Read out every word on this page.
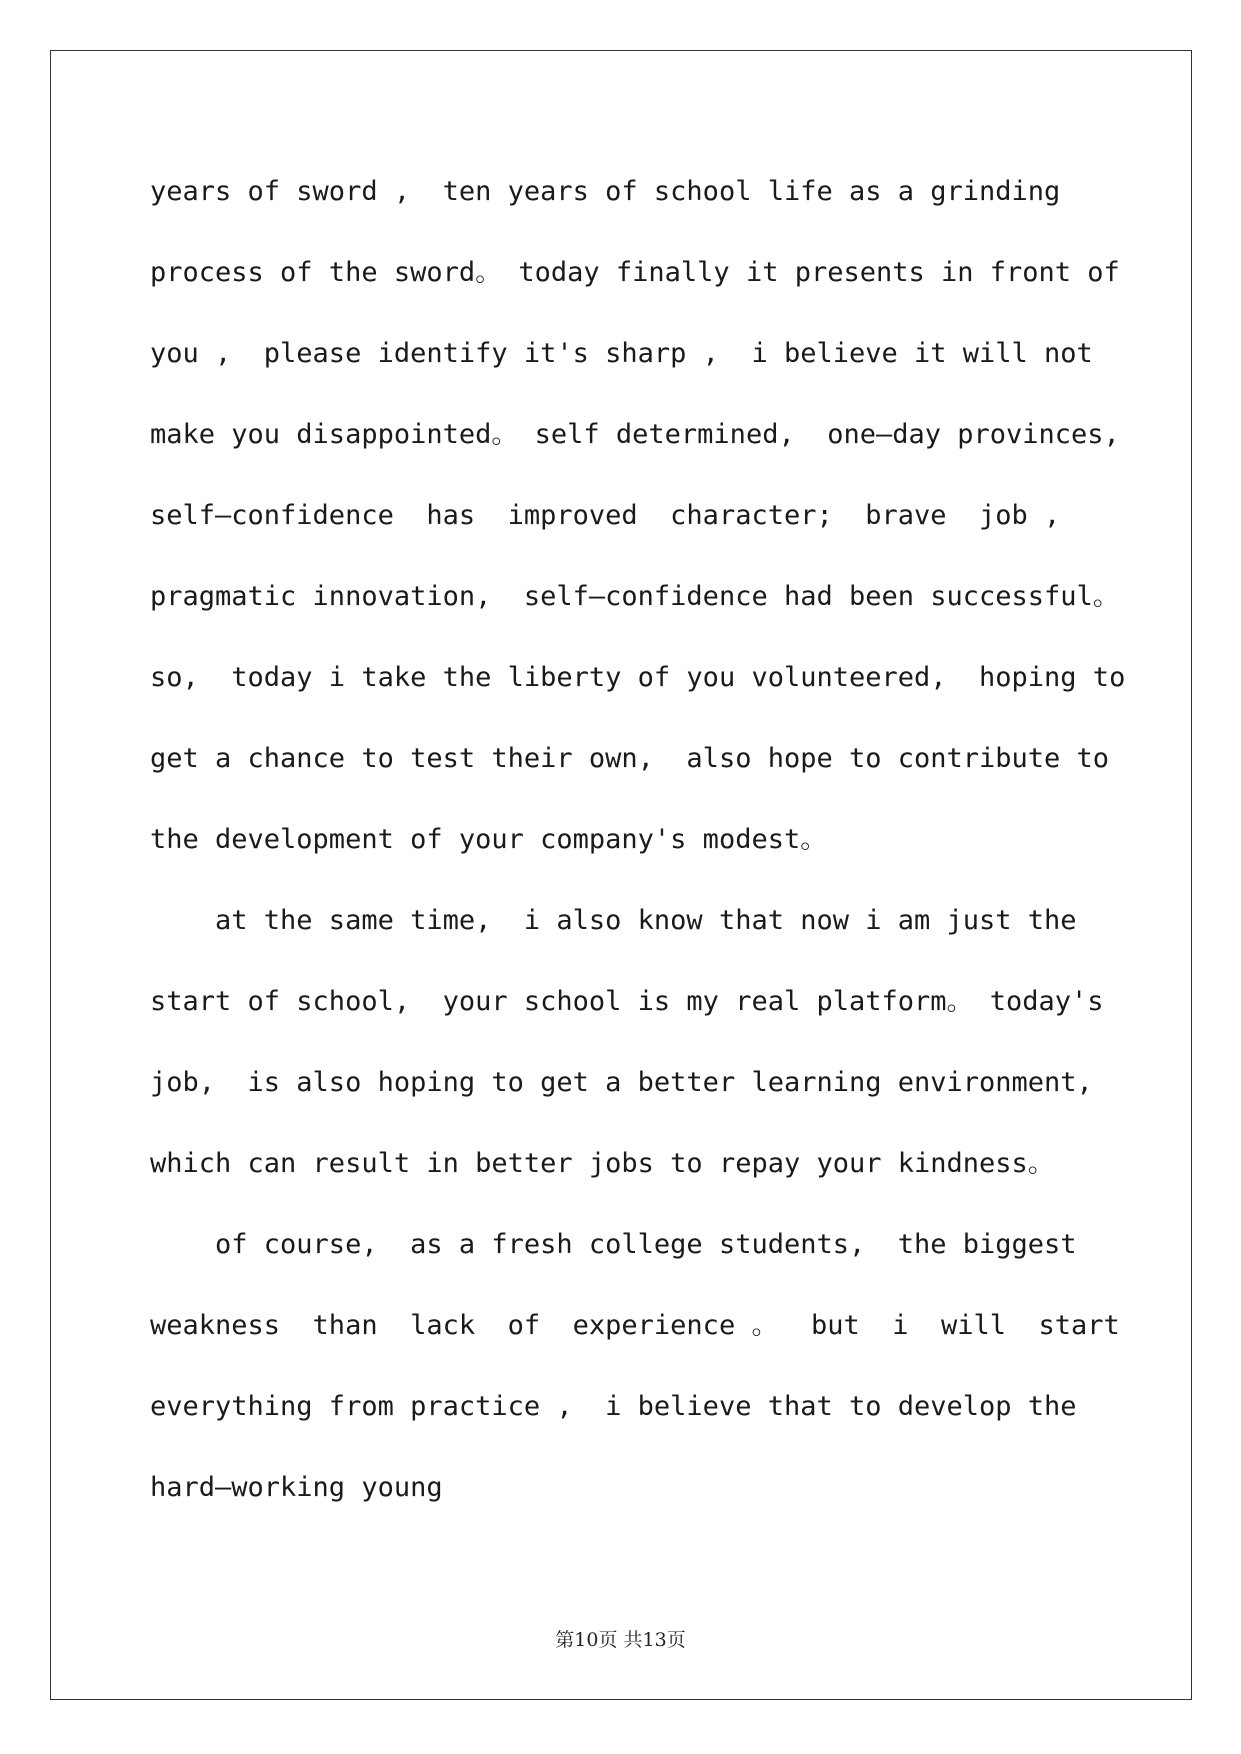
years of sword ,  ten years of school life as a grinding
process of the sword。 today finally it presents in front of
you ,  please identify it's sharp ,  i believe it will not
make you disappointed。 self determined,  one—day provinces,
self—confidence  has  improved  character;  brave  job ,
pragmatic innovation,  self—confidence had been successful。
so,  today i take the liberty of you volunteered,  hoping to
get a chance to test their own,  also hope to contribute to
the development of your company's modest。
at the same time,  i also know that now i am just the
start of school,  your school is my real platform。 today's
job,  is also hoping to get a better learning environment,
which can result in better jobs to repay your kindness。
of course,  as a fresh college students,  the biggest
weakness  than  lack  of  experience 。  but  i  will  start
everything from practice ,  i believe that to develop the
hard—working young
第10页 共13页
